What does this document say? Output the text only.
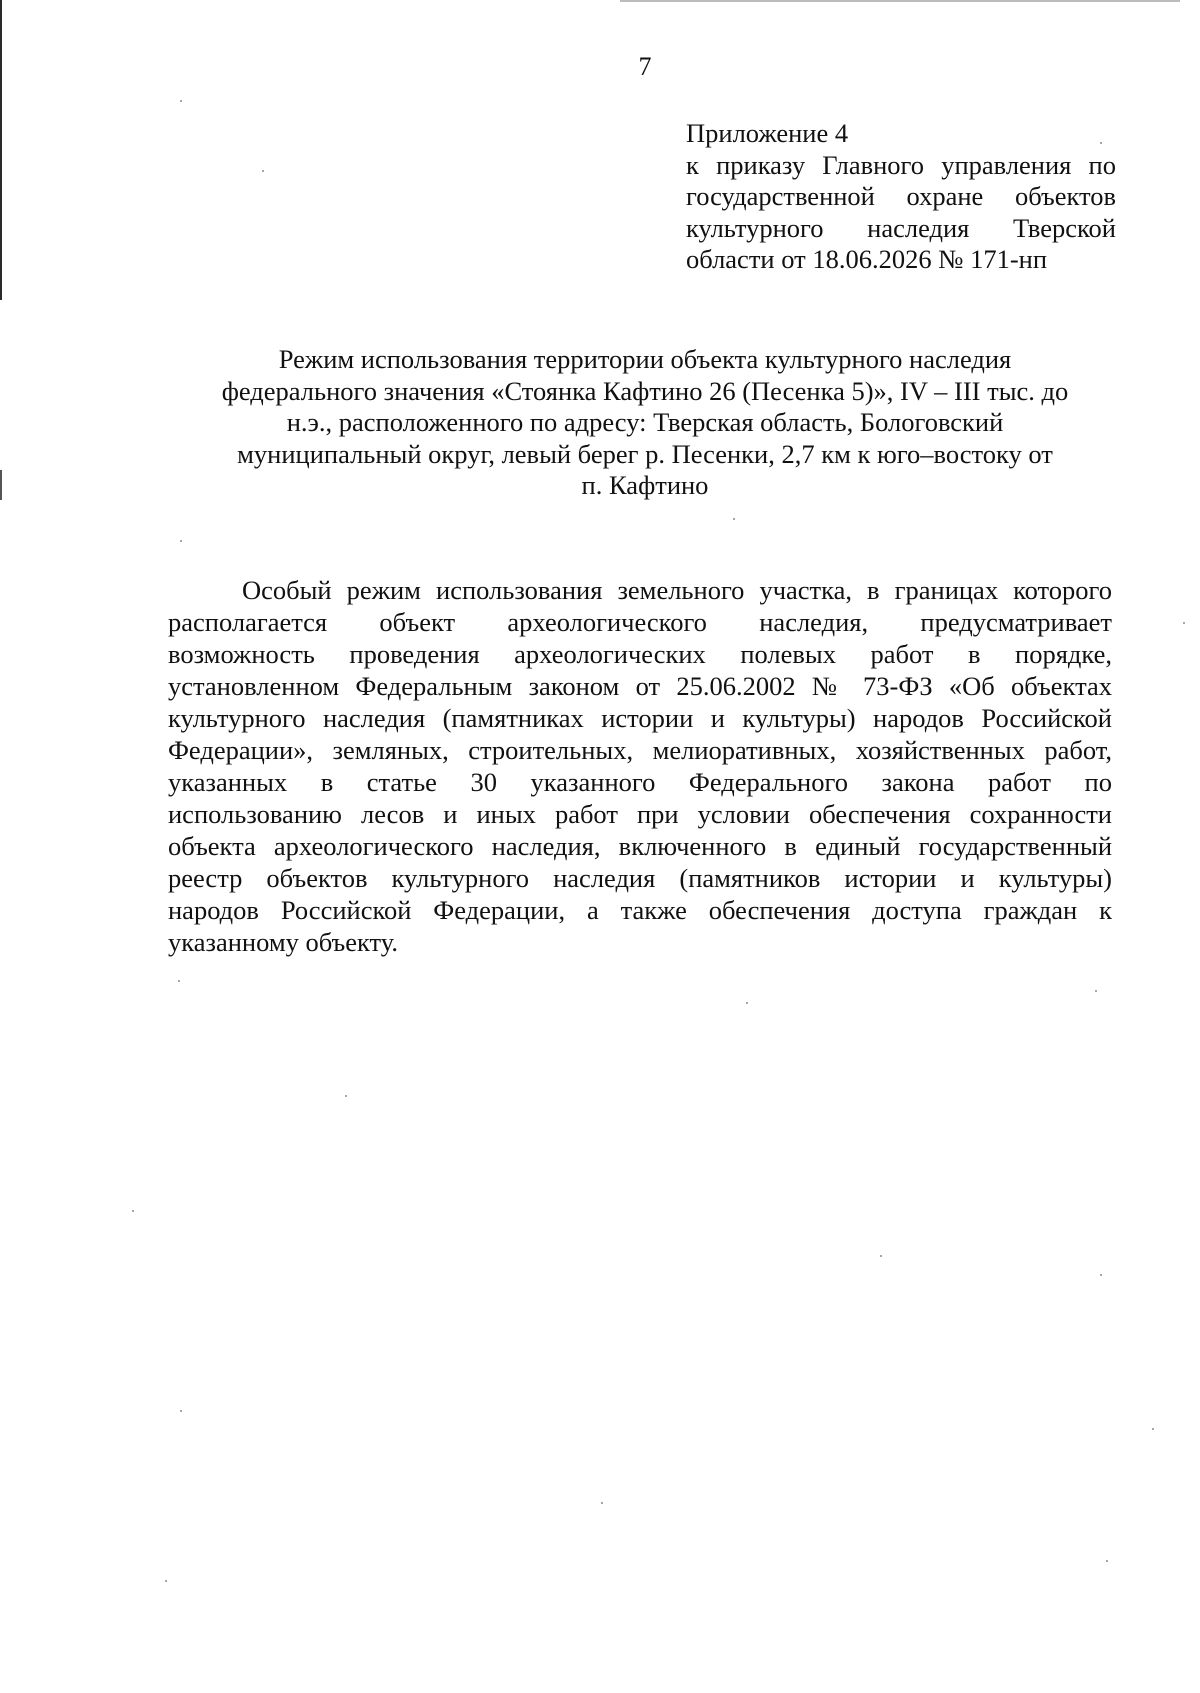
7
Приложение 4
к приказу Главного управления по
государственной охране объектов
культурного наследия Тверской
области от 18.06.2026 № 171-нп
Режим использования территории объекта культурного наследия
федерального значения «Стоянка Кафтино 26 (Песенка 5)», IV – III тыс. до
н.э., расположенного по адресу: Тверская область, Бологовский
муниципальный округ, левый берег р. Песенки, 2,7 км к юго–востоку от
п. Кафтино
Особый режим использования земельного участка, в границах которого
располагается объект археологического наследия, предусматривает
возможность проведения археологических полевых работ в порядке,
установленном Федеральным законом от 25.06.2002 № 73-ФЗ «Об объектах
культурного наследия (памятниках истории и культуры) народов Российской
Федерации», земляных, строительных, мелиоративных, хозяйственных работ,
указанных в статье 30 указанного Федерального закона работ по
использованию лесов и иных работ при условии обеспечения сохранности
объекта археологического наследия, включенного в единый государственный
реестр объектов культурного наследия (памятников истории и культуры)
народов Российской Федерации, а также обеспечения доступа граждан к
указанному объекту.
